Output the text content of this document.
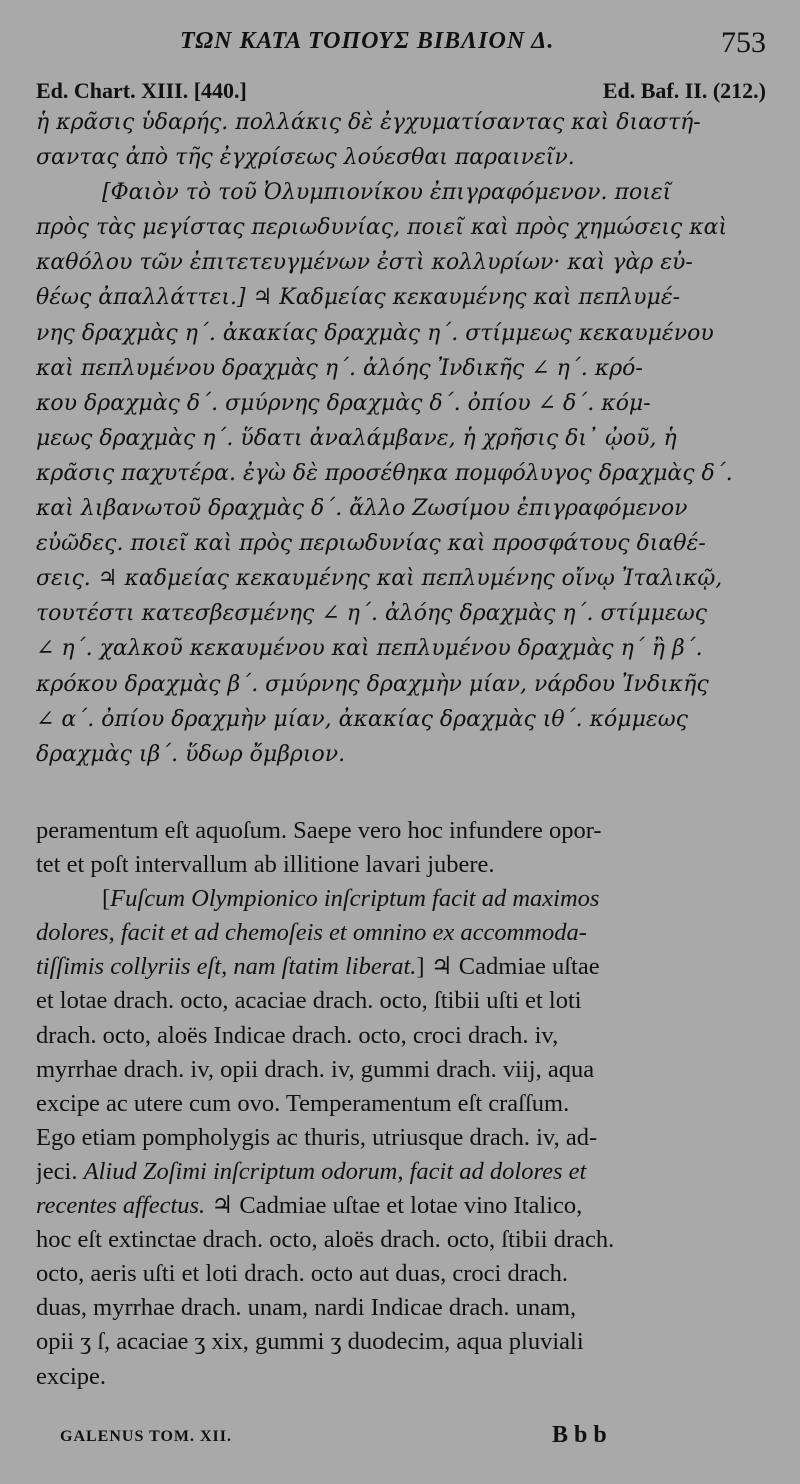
ΤΩΝ ΚΑΤΑ ΤΟΠΟΥΣ ΒΙΒΛΙΟΝ Δ.	753
Ed. Chart. XIII. [440.]	Ed. Baf. II. (212.)
ἡ κρᾶσις ὑδαρής. πολλάκις δὲ ἐγχυματίσαντας καὶ διαστή-
σαντας ἀπὸ τῆς ἐγχρίσεως λούεσθαι παραινεῖν.
[Φαιὸν τὸ τοῦ Ὀλυμπιονίκου ἐπιγραφόμενον. ποιεῖ
πρὸς τὰς μεγίστας περιωδυνίας, ποιεῖ καὶ πρὸς χημώσεις καὶ
καθόλου τῶν ἐπιτετευγμένων ἐστὶ κολλυρίων· καὶ γὰρ εὐ-
θέως ἀπαλλάττει.] ♃ Καδμείας κεκαυμένης καὶ πεπλυμέ-
νης δραχμὰς η΄. ἀκακίας δραχμὰς η΄. στίμμεως κεκαυμένου
καὶ πεπλυμένου δραχμὰς η΄. ἀλόης Ἰνδικῆς ∠ η΄. κρό-
κου δραχμὰς δ΄. σμύρνης δραχμὰς δ΄. ὀπίου ∠ δ΄. κόμ-
μεως δραχμὰς η΄. ὕδατι ἀναλάμβανε, ἡ χρῆσις δι᾽ ᾠοῦ, ἡ
κρᾶσις παχυτέρα. ἐγὼ δὲ προσέθηκα πομφόλυγος δραχμὰς δ΄.
καὶ λιβανωτοῦ δραχμὰς δ΄. ἄλλο Ζωσίμου ἐπιγραφόμενον
εὐῶδες. ποιεῖ καὶ πρὸς περιωδυνίας καὶ προσφάτους διαθέ-
σεις. ♃ καδμείας κεκαυμένης καὶ πεπλυμένης οἴνῳ Ἰταλικῷ,
τουτέστι κατεσβεσμένης ∠ η΄. ἀλόης δραχμὰς η΄. στίμμεως
∠ η΄. χαλκοῦ κεκαυμένου καὶ πεπλυμένου δραχμὰς η΄ ἢ β΄.
κρόκου δραχμὰς β΄. σμύρνης δραχμὴν μίαν, νάρδου Ἰνδικῆς
∠ α΄. ὀπίου δραχμὴν μίαν, ἀκακίας δραχμὰς ιθ΄. κόμμεως
δραχμὰς ιβ΄. ὕδωρ ὄμβριον.
peramentum eſt aquoſum. Saepe vero hoc infundere opor-
tet et poſt intervallum ab illitione lavari jubere.
[Fuſcum Olympionico inſcriptum facit ad maximos
dolores, facit et ad chemoſeis et omnino ex accommoda-
tiſſimis collyriis eſt, nam ſtatim liberat.] ♃ Cadmiae uſtae
et lotae drach. octo, acaciae drach. octo, ſtibii uſti et loti
drach. octo, aloës Indicae drach. octo, croci drach. iv,
myrrhae drach. iv, opii drach. iv, gummi drach. viij, aqua
excipe ac utere cum ovo. Temperamentum eſt craſſum.
Ego etiam pompholygis ac thuris, utriusque drach. iv, ad-
jeci. Aliud Zoſimi inſcriptum odorum, facit ad dolores et
recentes affectus. ♃ Cadmiae uſtae et lotae vino Italico,
hoc eſt extinctae drach. octo, aloës drach. octo, ſtibii drach.
octo, aeris uſti et loti drach. octo aut duas, croci drach.
duas, myrrhae drach. unam, nardi Indicae drach. unam,
opii ʒ ſ, acaciae ʒ xix, gummi ʒ duodecim, aqua pluviali
excipe.
GALENUS TOM. XII.	Bbb
